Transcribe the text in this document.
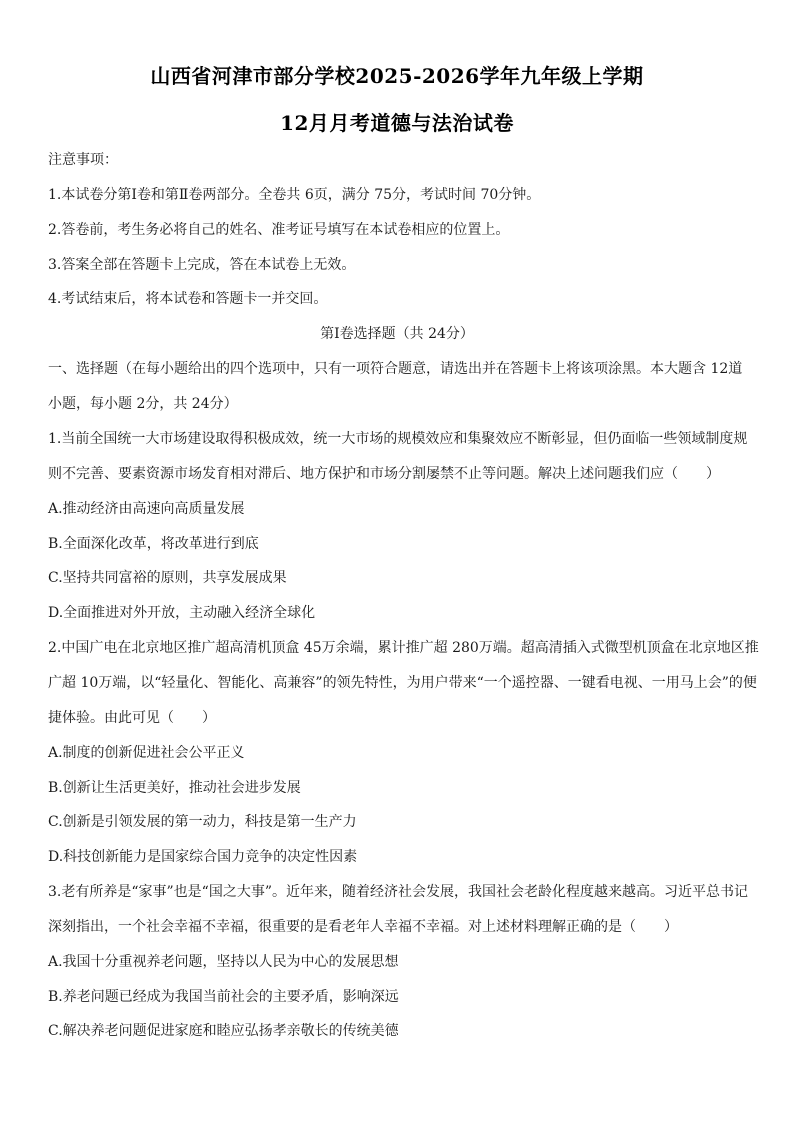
山西省河津市部分学校2025-2026学年九年级上学期
12月月考道德与法治试卷
注意事项：
1.本试卷分第Ⅰ卷和第Ⅱ卷两部分。全卷共 6页，满分 75分，考试时间 70分钟。
2.答卷前，考生务必将自己的姓名、准考证号填写在本试卷相应的位置上。
3.答案全部在答题卡上完成，答在本试卷上无效。
4.考试结束后，将本试卷和答题卡一并交回。
第Ⅰ卷选择题（共 24分）
一、选择题（在每小题给出的四个选项中，只有一项符合题意，请选出并在答题卡上将该项涂黑。本大题含 12道
小题，每小题 2分，共 24分）
1.当前全国统一大市场建设取得积极成效，统一大市场的规模效应和集聚效应不断彰显，但仍面临一些领域制度规
则不完善、要素资源市场发育相对滞后、地方保护和市场分割屡禁不止等问题。解决上述问题我们应（　　）
A.推动经济由高速向高质量发展
B.全面深化改革，将改革进行到底
C.坚持共同富裕的原则，共享发展成果
D.全面推进对外开放，主动融入经济全球化
2.中国广电在北京地区推广超高清机顶盒 45万余端，累计推广超 280万端。超高清插入式微型机顶盒在北京地区推
广超 10万端，以“轻量化、智能化、高兼容”的领先特性，为用户带来“一个遥控器、一键看电视、一用马上会”的便
捷体验。由此可见（　　）
A.制度的创新促进社会公平正义
B.创新让生活更美好，推动社会进步发展
C.创新是引领发展的第一动力，科技是第一生产力
D.科技创新能力是国家综合国力竞争的决定性因素
3.老有所养是“家事”也是“国之大事”。近年来，随着经济社会发展，我国社会老龄化程度越来越高。习近平总书记
深刻指出，一个社会幸福不幸福，很重要的是看老年人幸福不幸福。对上述材料理解正确的是（　　）
A.我国十分重视养老问题，坚持以人民为中心的发展思想
B.养老问题已经成为我国当前社会的主要矛盾，影响深远
C.解决养老问题促进家庭和睦应弘扬孝亲敬长的传统美德
